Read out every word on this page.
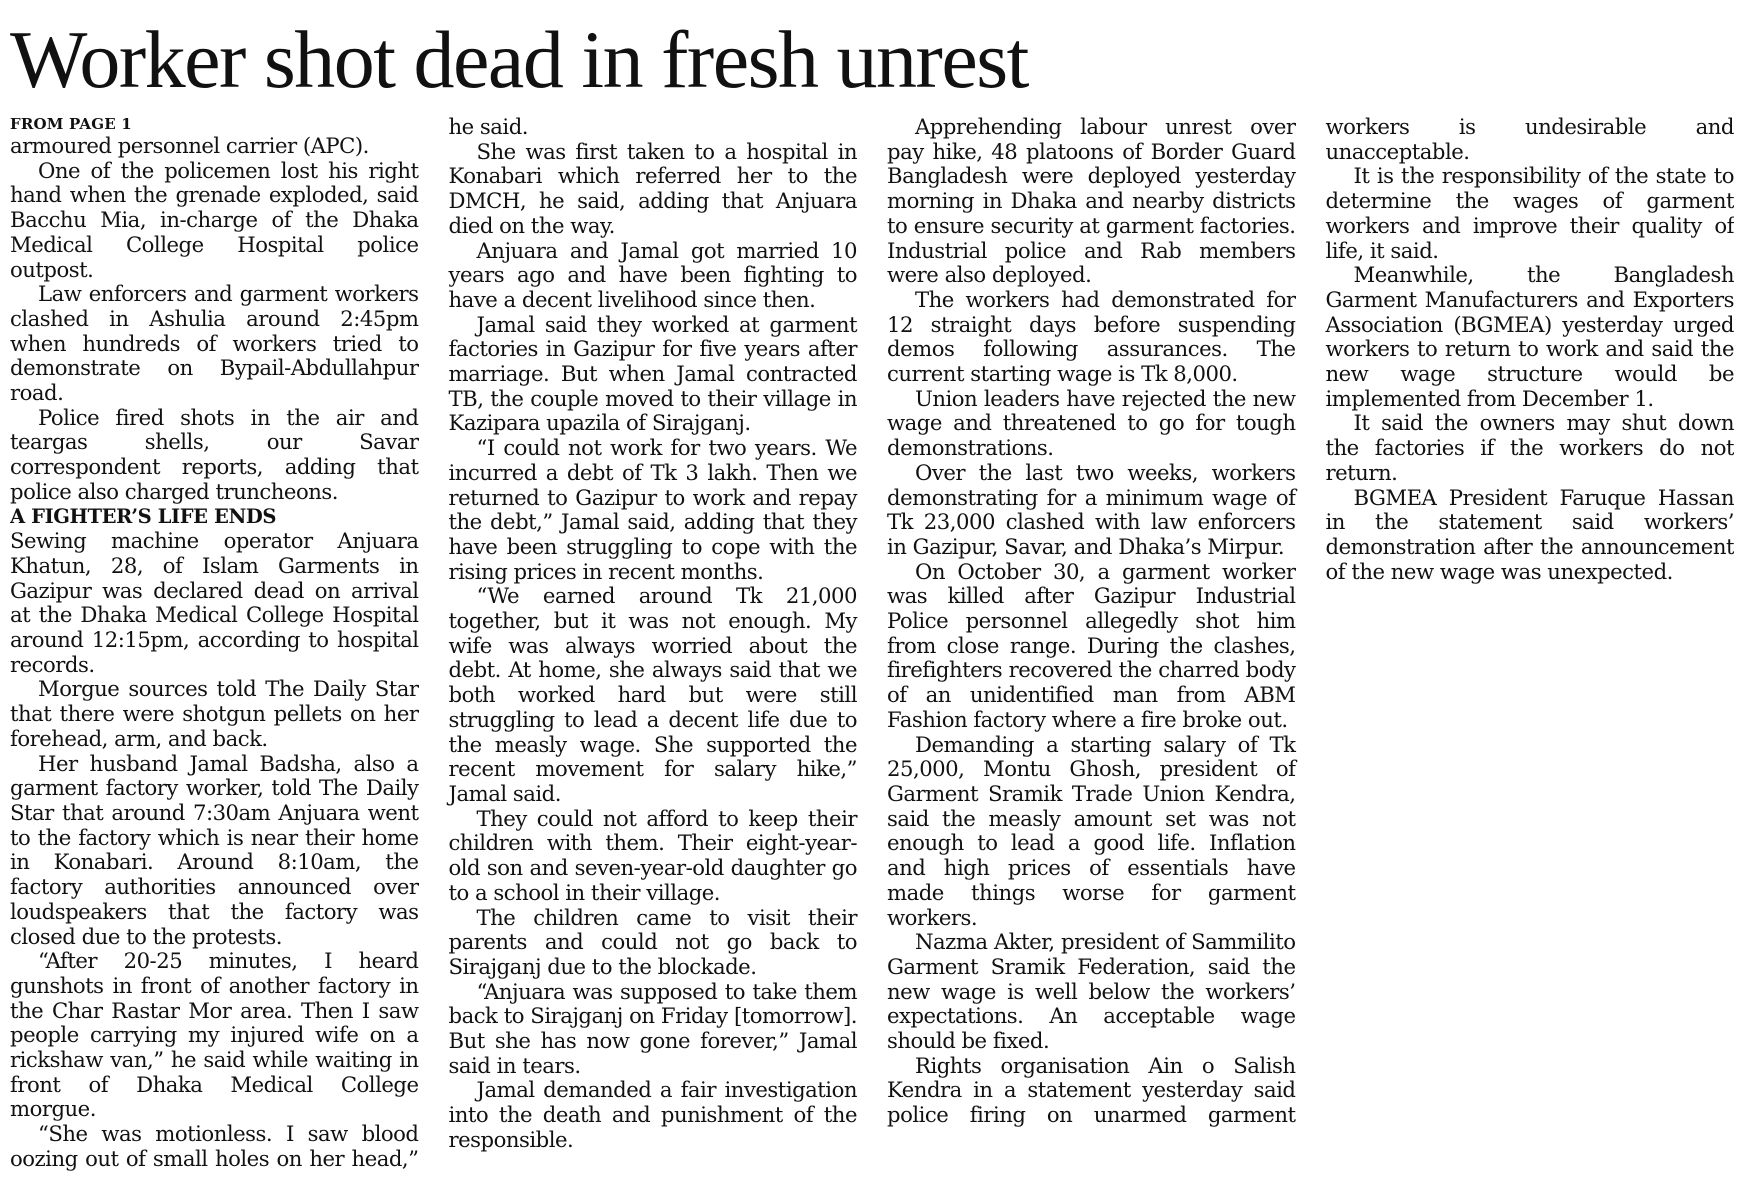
Worker shot dead in fresh unrest
FROM PAGE 1

armoured personnel carrier (APC).

One of the policemen lost his right hand when the grenade exploded, said Bacchu Mia, in-charge of the Dhaka Medical College Hospital police outpost.

Law enforcers and garment workers clashed in Ashulia around 2:45pm when hundreds of workers tried to demonstrate on Bypail-Abdullahpur road.

Police fired shots in the air and teargas shells, our Savar correspondent reports, adding that police also charged truncheons.

A FIGHTER’S LIFE ENDS

Sewing machine operator Anjuara Khatun, 28, of Islam Garments in Gazipur was declared dead on arrival at the Dhaka Medical College Hospital around 12:15pm, according to hospital records.

Morgue sources told The Daily Star that there were shotgun pellets on her forehead, arm, and back.

Her husband Jamal Badsha, also a garment factory worker, told The Daily Star that around 7:30am Anjuara went to the factory which is near their home in Konabari. Around 8:10am, the factory authorities announced over loudspeakers that the factory was closed due to the protests.

“After 20-25 minutes, I heard gunshots in front of another factory in the Char Rastar Mor area. Then I saw people carrying my injured wife on a rickshaw van,” he said while waiting in front of Dhaka Medical College morgue.

“She was motionless. I saw blood oozing out of small holes on her head,” he said.

She was first taken to a hospital in Konabari which referred her to the DMCH, he said, adding that Anjuara died on the way.

Anjuara and Jamal got married 10 years ago and have been fighting to have a decent livelihood since then.

Jamal said they worked at garment factories in Gazipur for five years after marriage. But when Jamal contracted TB, the couple moved to their village in Kazipara upazila of Sirajganj.

“I could not work for two years. We incurred a debt of Tk 3 lakh. Then we returned to Gazipur to work and repay the debt,” Jamal said, adding that they have been struggling to cope with the rising prices in recent months.

“We earned around Tk 21,000 together, but it was not enough. My wife was always worried about the debt. At home, she always said that we both worked hard but were still struggling to lead a decent life due to the measly wage. She supported the recent movement for salary hike,” Jamal said.

They could not afford to keep their children with them. Their eight-year-old son and seven-year-old daughter go to a school in their village.

The children came to visit their parents and could not go back to Sirajganj due to the blockade.

“Anjuara was supposed to take them back to Sirajganj on Friday [tomorrow]. But she has now gone forever,” Jamal said in tears.

Jamal demanded a fair investigation into the death and punishment of the responsible.

Apprehending labour unrest over pay hike, 48 platoons of Border Guard Bangladesh were deployed yesterday morning in Dhaka and nearby districts to ensure security at garment factories. Industrial police and Rab members were also deployed.

The workers had demonstrated for 12 straight days before suspending demos following assurances. The current starting wage is Tk 8,000.

Union leaders have rejected the new wage and threatened to go for tough demonstrations.

Over the last two weeks, workers demonstrating for a minimum wage of Tk 23,000 clashed with law enforcers in Gazipur, Savar, and Dhaka’s Mirpur.

On October 30, a garment worker was killed after Gazipur Industrial Police personnel allegedly shot him from close range. During the clashes, firefighters recovered the charred body of an unidentified man from ABM Fashion factory where a fire broke out.

Demanding a starting salary of Tk 25,000, Montu Ghosh, president of Garment Sramik Trade Union Kendra, said the measly amount set was not enough to lead a good life. Inflation and high prices of essentials have made things worse for garment workers.

Nazma Akter, president of Sammilito Garment Sramik Federation, said the new wage is well below the workers’ expectations. An acceptable wage should be fixed.

Rights organisation Ain o Salish Kendra in a statement yesterday said police firing on unarmed garment workers is undesirable and unacceptable.

It is the responsibility of the state to determine the wages of garment workers and improve their quality of life, it said.

Meanwhile, the Bangladesh Garment Manufacturers and Exporters Association (BGMEA) yesterday urged workers to return to work and said the new wage structure would be implemented from December 1.

It said the owners may shut down the factories if the workers do not return.

BGMEA President Faruque Hassan in the statement said workers’ demonstration after the announcement of the new wage was unexpected.
